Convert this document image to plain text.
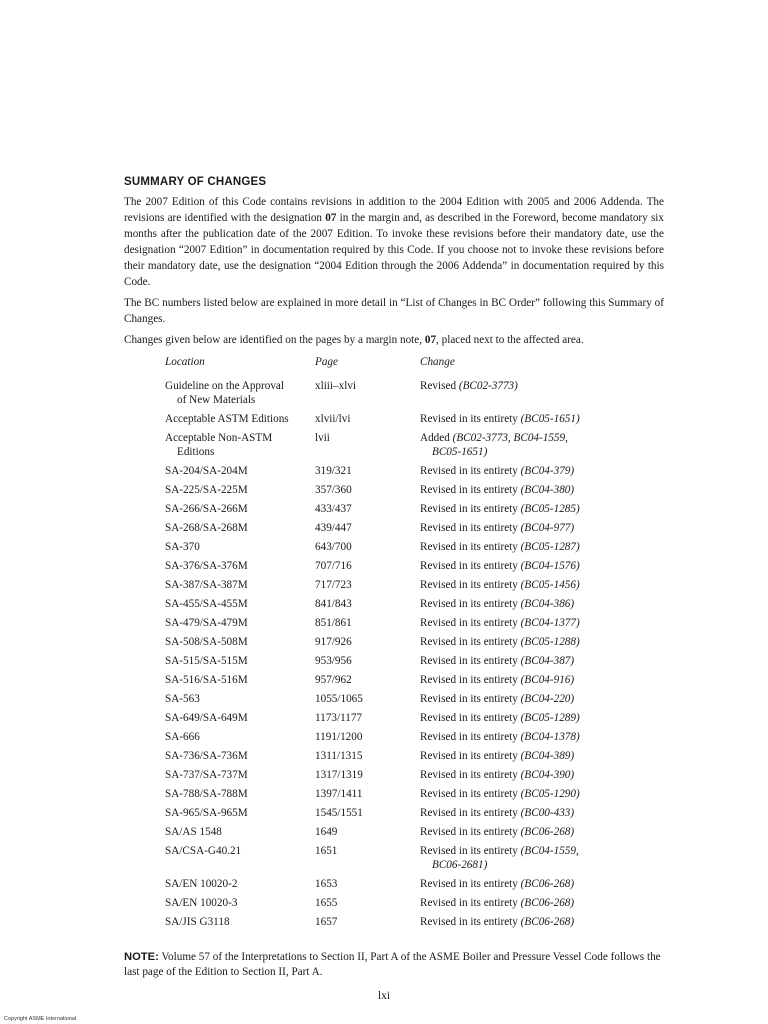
SUMMARY OF CHANGES

The 2007 Edition of this Code contains revisions in addition to the 2004 Edition with 2005 and 2006 Addenda. The revisions are identified with the designation 07 in the margin and, as described in the Foreword, become mandatory six months after the publication date of the 2007 Edition. To invoke these revisions before their mandatory date, use the designation “2007 Edition” in documentation required by this Code. If you choose not to invoke these revisions before their mandatory date, use the designation “2004 Edition through the 2006 Addenda” in documentation required by this Code.

The BC numbers listed below are explained in more detail in “List of Changes in BC Order” following this Summary of Changes.

Changes given below are identified on the pages by a margin note, 07, placed next to the affected area.

Location	Page	Change
Guideline on the Approval
of New Materials	xliii–xlvi	Revised (BC02-3773)
Acceptable ASTM Editions	xlvii/lvi	Revised in its entirety (BC05-1651)
Acceptable Non-ASTM
Editions	lvii	Added (BC02-3773, BC04-1559,
BC05-1651)

SA-204/SA-204M	319/321	Revised in its entirety (BC04-379)
SA-225/SA-225M	357/360	Revised in its entirety (BC04-380)
SA-266/SA-266M	433/437	Revised in its entirety (BC05-1285)
SA-268/SA-268M	439/447	Revised in its entirety (BC04-977)
SA-370	643/700	Revised in its entirety (BC05-1287)
SA-376/SA-376M	707/716	Revised in its entirety (BC04-1576)
SA-387/SA-387M	717/723	Revised in its entirety (BC05-1456)
SA-455/SA-455M	841/843	Revised in its entirety (BC04-386)
SA-479/SA-479M	851/861	Revised in its entirety (BC04-1377)
SA-508/SA-508M	917/926	Revised in its entirety (BC05-1288)
SA-515/SA-515M	953/956	Revised in its entirety (BC04-387)
SA-516/SA-516M	957/962	Revised in its entirety (BC04-916)
SA-563	1055/1065	Revised in its entirety (BC04-220)
SA-649/SA-649M	1173/1177	Revised in its entirety (BC05-1289)
SA-666	1191/1200	Revised in its entirety (BC04-1378)
SA-736/SA-736M	1311/1315	Revised in its entirety (BC04-389)
SA-737/SA-737M	1317/1319	Revised in its entirety (BC04-390)
SA-788/SA-788M	1397/1411	Revised in its entirety (BC05-1290)
SA-965/SA-965M	1545/1551	Revised in its entirety (BC00-433)
SA/AS 1548	1649	Revised in its entirety (BC06-268)
SA/CSA-G40.21	1651	Revised in its entirety (BC04-1559,
BC06-2681)

SA/EN 10020-2	1653	Revised in its entirety (BC06-268)
SA/EN 10020-3	1655	Revised in its entirety (BC06-268)
SA/JIS G3118	1657	Revised in its entirety (BC06-268)
NOTE: Volume 57 of the Interpretations to Section II, Part A of the ASME Boiler and Pressure Vessel Code follows the last page of the Edition to Section II, Part A.
lxi
Copyright ASME International
